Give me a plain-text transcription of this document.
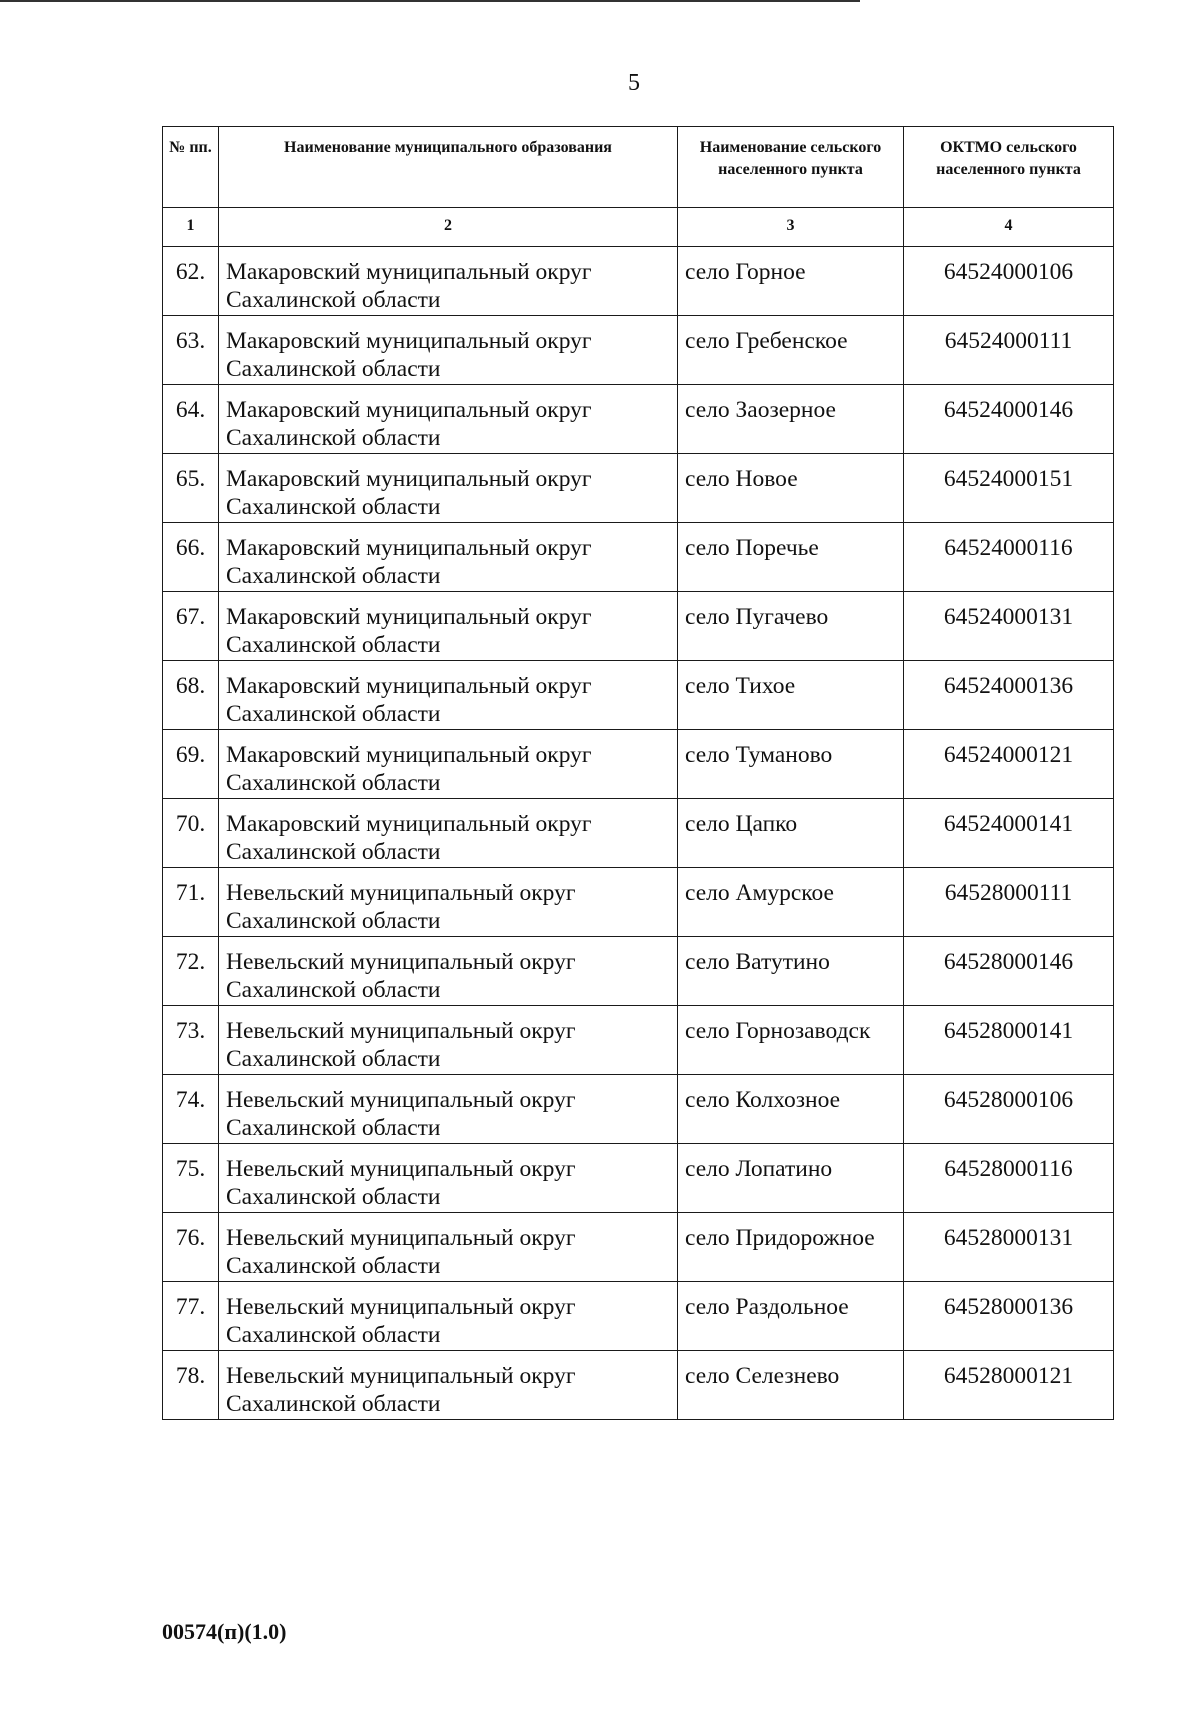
5
№ пп.	Наименование муниципального образования	Наименование сельского населенного пункта	ОКТМО сельского населенного пункта
1	2	3	4
62.	Макаровский муниципальный округ Сахалинской области	село Горное	64524000106
63.	Макаровский муниципальный округ Сахалинской области	село Гребенское	64524000111
64.	Макаровский муниципальный округ Сахалинской области	село Заозерное	64524000146
65.	Макаровский муниципальный округ Сахалинской области	село Новое	64524000151
66.	Макаровский муниципальный округ Сахалинской области	село Поречье	64524000116
67.	Макаровский муниципальный округ Сахалинской области	село Пугачево	64524000131
68.	Макаровский муниципальный округ Сахалинской области	село Тихое	64524000136
69.	Макаровский муниципальный округ Сахалинской области	село Туманово	64524000121
70.	Макаровский муниципальный округ Сахалинской области	село Цапко	64524000141
71.	Невельский муниципальный округ Сахалинской области	село Амурское	64528000111
72.	Невельский муниципальный округ Сахалинской области	село Ватутино	64528000146
73.	Невельский муниципальный округ Сахалинской области	село Горнозаводск	64528000141
74.	Невельский муниципальный округ Сахалинской области	село Колхозное	64528000106
75.	Невельский муниципальный округ Сахалинской области	село Лопатино	64528000116
76.	Невельский муниципальный округ Сахалинской области	село Придорожное	64528000131
77.	Невельский муниципальный округ Сахалинской области	село Раздольное	64528000136
78.	Невельский муниципальный округ Сахалинской области	село Селезнево	64528000121
00574(п)(1.0)
